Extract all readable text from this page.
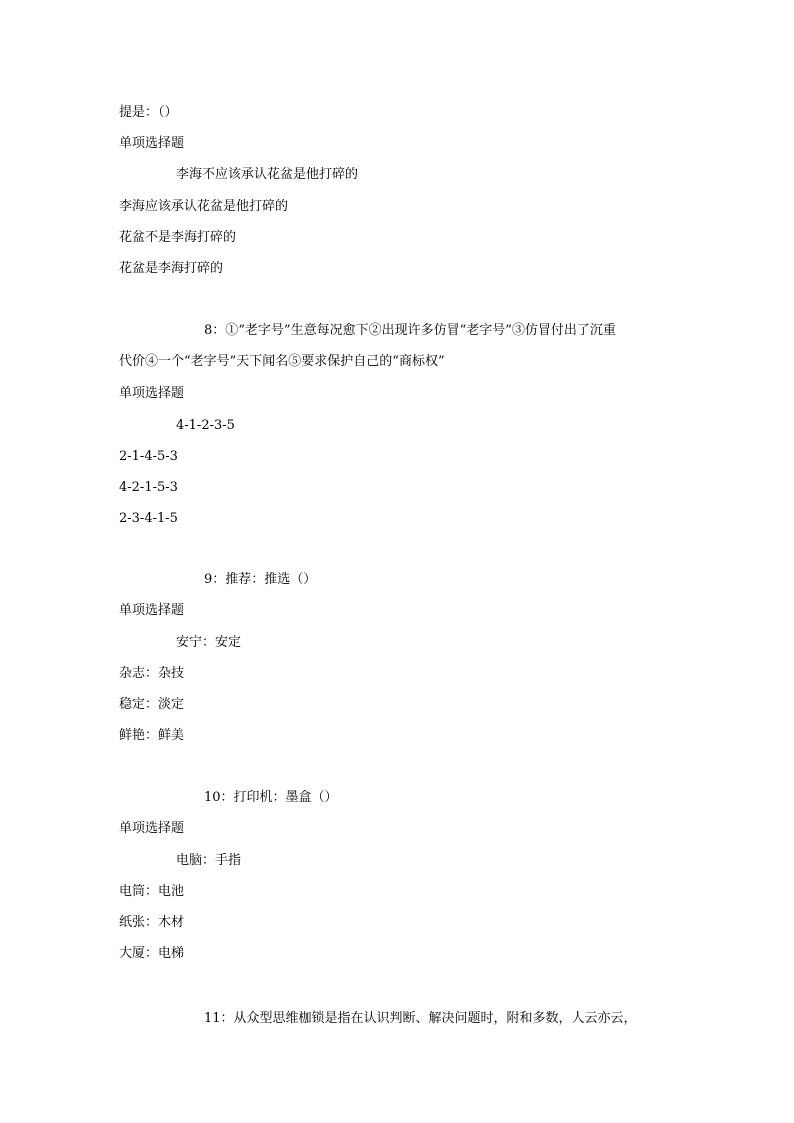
提是：（）
单项选择题
李海不应该承认花盆是他打碎的
李海应该承认花盆是他打碎的
花盆不是李海打碎的
花盆是李海打碎的
8：①“老字号”生意每况愈下②出现许多仿冒“老字号”③仿冒付出了沉重
代价④一个“老字号”天下闻名⑤要求保护自己的“商标权”
单项选择题
4-1-2-3-5
2-1-4-5-3
4-2-1-5-3
2-3-4-1-5
9：推荐：推选（）
单项选择题
安宁：安定
杂志：杂技
稳定：淡定
鲜艳：鲜美
10：打印机：墨盒（）
单项选择题
电脑：手指
电筒：电池
纸张：木材
大厦：电梯
11：从众型思维枷锁是指在认识判断、解决问题时，附和多数，人云亦云，
